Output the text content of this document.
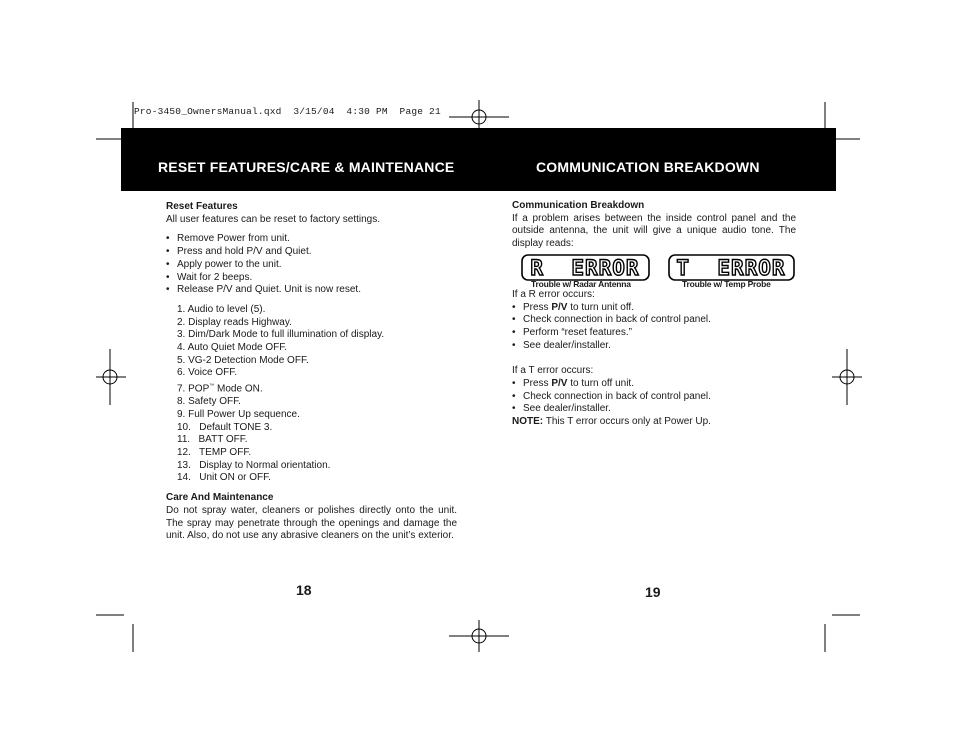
Pro-3450_OwnersManual.qxd  3/15/04  4:30 PM  Page 21
RESET FEATURES/CARE & MAINTENANCE	COMMUNICATION BREAKDOWN

Reset Features

All user features can be reset to factory settings.

• Remove Power from unit.
• Press and hold P/V and Quiet.
• Apply power to the unit.
• Wait for 2 beeps.
• Release P/V and Quiet. Unit is now reset.

1. Audio to level (5).

2. Display reads Highway.

3. Dim/Dark Mode to full illumination of display.

4. Auto Quiet Mode OFF.

5. VG-2 Detection Mode OFF.

6. Voice OFF.

7. POP™ Mode ON.

8. Safety OFF.

9. Full Power Up sequence.

10.   Default TONE 3.

11.   BATT OFF.

12.   TEMP OFF.

13.   Display to Normal orientation.

14.   Unit ON or OFF.

Care And Maintenance

Do not spray water, cleaners or polishes directly onto the unit. The spray may penetrate through the openings and damage the unit. Also, do not use any abrasive cleaners on the unit’s exterior.

18

Communication Breakdown

If a problem arises between the inside control panel and the outside antenna, the unit will give a unique audio tone. The display reads:

R  ERROR
Trouble w/ Radar Antenna
T  ERROR
Trouble w/ Temp Probe

If a R error occurs:

• Press P/V to turn unit off.
• Check connection in back of control panel.
• Perform “reset features.”
• See dealer/installer.

If a T error occurs:

• Press P/V to turn off unit.
• Check connection in back of control panel.
• See dealer/installer.

NOTE: This T error occurs only at Power Up.

19
